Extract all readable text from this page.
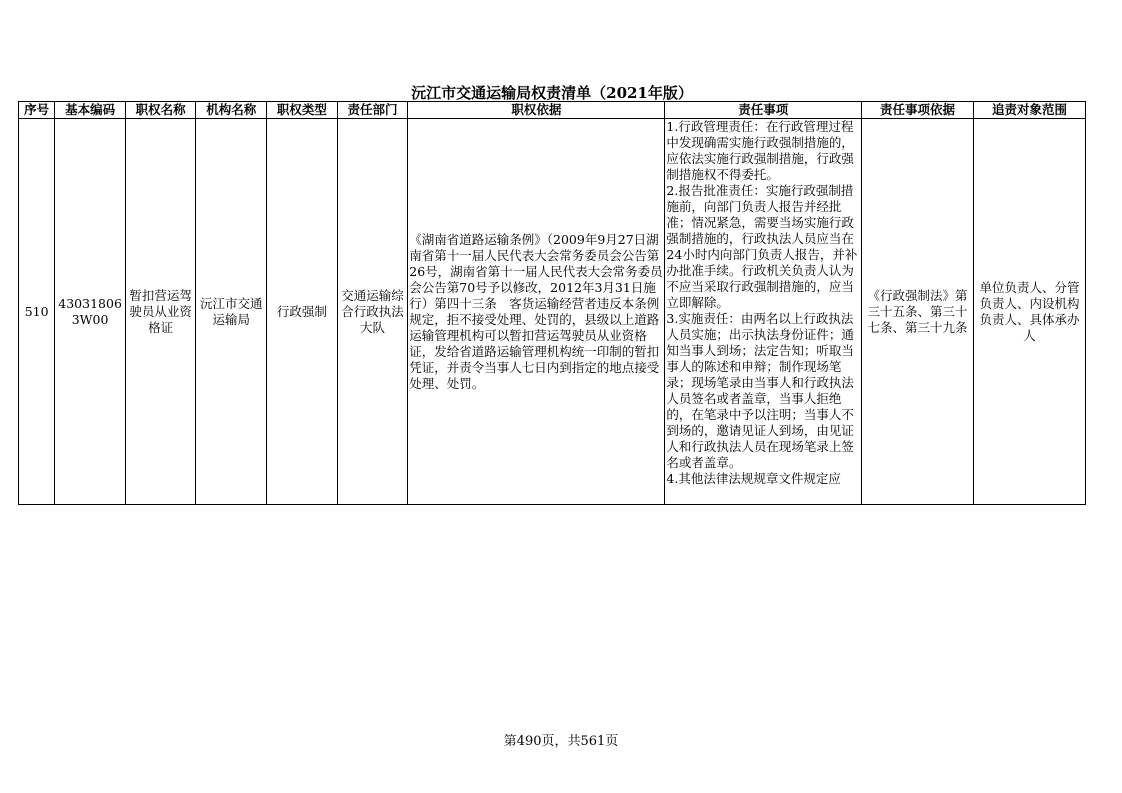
沅江市交通运输局权责清单（2021年版）
序号	基本编码	职权名称	机构名称	职权类型	责任部门	职权依据	责任事项	责任事项依据	追责对象范围
510	430318063W00	暂扣营运驾驶员从业资格证	沅江市交通运输局	行政强制	交通运输综合行政执法大队	《湖南省道路运输条例》（2009年9月27日湖南省第十一届人民代表大会常务委员会公告第26号，湖南省第十一届人民代表大会常务委员会公告第70号予以修改，2012年3月31日施行）第四十三条　客货运输经营者违反本条例规定，拒不接受处理、处罚的，县级以上道路运输管理机构可以暂扣营运驾驶员从业资格证，发给省道路运输管理机构统一印制的暂扣凭证，并责令当事人七日内到指定的地点接受处理、处罚。	1.行政管理责任：在行政管理过程中发现确需实施行政强制措施的，应依法实施行政强制措施，行政强制措施权不得委托。
2.报告批准责任：实施行政强制措施前，向部门负责人报告并经批准；情况紧急，需要当场实施行政强制措施的，行政执法人员应当在24小时内向部门负责人报告，并补办批准手续。行政机关负责人认为不应当采取行政强制措施的，应当立即解除。
3.实施责任：由两名以上行政执法人员实施；出示执法身份证件；通知当事人到场；法定告知；听取当事人的陈述和申辩；制作现场笔录；现场笔录由当事人和行政执法人员签名或者盖章，当事人拒绝的，在笔录中予以注明；当事人不到场的，邀请见证人到场，由见证人和行政执法人员在现场笔录上签名或者盖章。
4.其他法律法规规章文件规定应	《行政强制法》第三十五条、第三十七条、第三十九条	单位负责人、分管负责人、内设机构负责人、具体承办人
第490页，共561页
